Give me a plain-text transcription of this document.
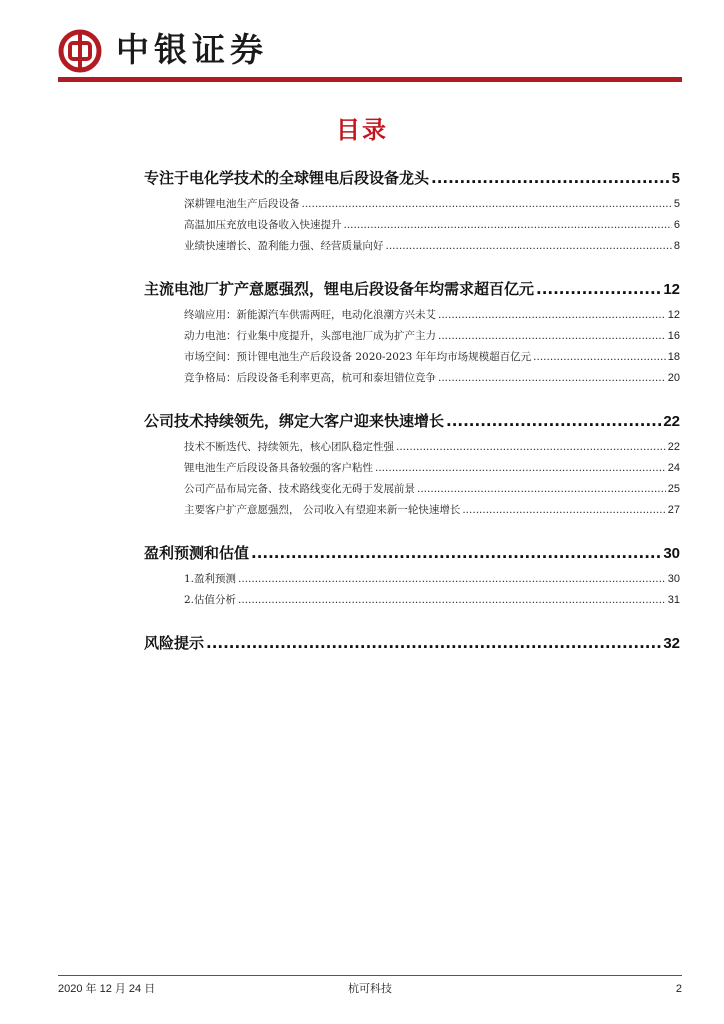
中银证券
目录
专注于电化学技术的全球锂电后段设备龙头 .....	5
深耕锂电池生产后段设备 .....	5
高温加压充放电设备收入快速提升 .....	6
业绩快速增长、盈利能力强、经营质量向好 .....	8
主流电池厂扩产意愿强烈，锂电后段设备年均需求超百亿元 .....	12
终端应用：新能源汽车供需两旺，电动化浪潮方兴未艾 .....	12
动力电池：行业集中度提升，头部电池厂成为扩产主力 .....	16
市场空间：预计锂电池生产后段设备 2020-2023 年年均市场规模超百亿元 .....	18
竞争格局：后段设备毛利率更高，杭可和泰坦错位竞争 .....	20
公司技术持续领先，绑定大客户迎来快速增长 .....	22
技术不断迭代、持续领先，核心团队稳定性强 .....	22
锂电池生产后段设备具备较强的客户粘性 .....	24
公司产品布局完备、技术路线变化无碍于发展前景 .....	25
主要客户扩产意愿强烈， 公司收入有望迎来新一轮快速增长 .....	27
盈利预测和估值 .....	30
1.盈利预测 .....	30
2.估值分析 .....	31
风险提示 .....	32
2020 年 12 月 24 日	杭可科技	2
